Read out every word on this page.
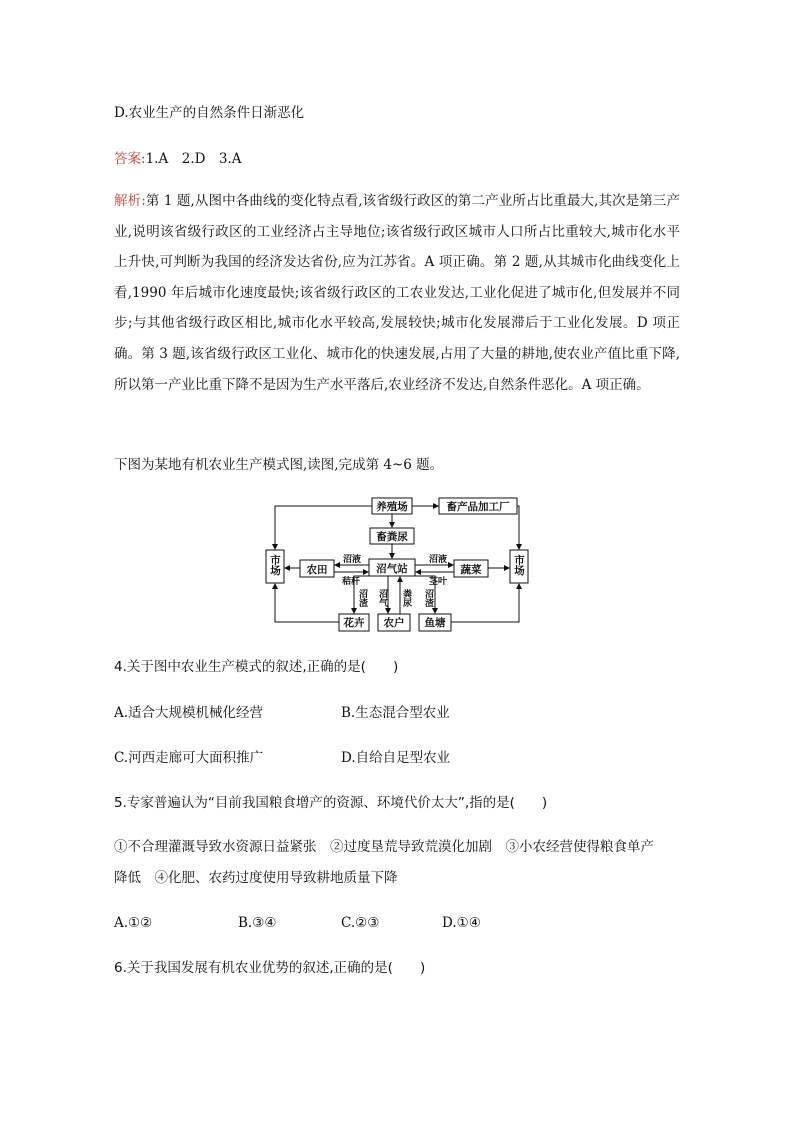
D.农业生产的自然条件日渐恶化
答案:1.A　2.D　3.A
解析:第 1 题,从图中各曲线的变化特点看,该省级行政区的第二产业所占比重最大,其次是第三产业,说明该省级行政区的工业经济占主导地位;该省级行政区城市人口所占比重较大,城市化水平上升快,可判断为我国的经济发达省份,应为江苏省。A 项正确。第 2 题,从其城市化曲线变化上看,1990 年后城市化速度最快;该省级行政区的工农业发达,工业化促进了城市化,但发展并不同步;与其他省级行政区相比,城市化水平较高,发展较快;城市化发展滞后于工业化发展。D 项正确。第 3 题,该省级行政区工业化、城市化的快速发展,占用了大量的耕地,使农业产值比重下降,所以第一产业比重下降不是因为生产水平落后,农业经济不发达,自然条件恶化。A 项正确。
下图为某地有机农业生产模式图,读图,完成第 4~6 题。
养殖场	畜产品加工厂
畜粪尿
农田	沼气站	蔬菜
市场	市场
花卉 农户 鱼塘
沼液
秸秆
沼液
茎叶
沼渣 沼气 粪尿 沼渣
4.关于图中农业生产模式的叙述,正确的是(　　)
A.适合大规模机械化经营	B.生态混合型农业
C.河西走廊可大面积推广	D.自给自足型农业
5.专家普遍认为“目前我国粮食增产的资源、环境代价太大”,指的是(　　)
①不合理灌溉导致水资源日益紧张　②过度垦荒导致荒漠化加剧　③小农经营使得粮食单产
降低　④化肥、农药过度使用导致耕地质量下降
A.①②	B.③④	C.②③	D.①④
6.关于我国发展有机农业优势的叙述,正确的是(　　)
